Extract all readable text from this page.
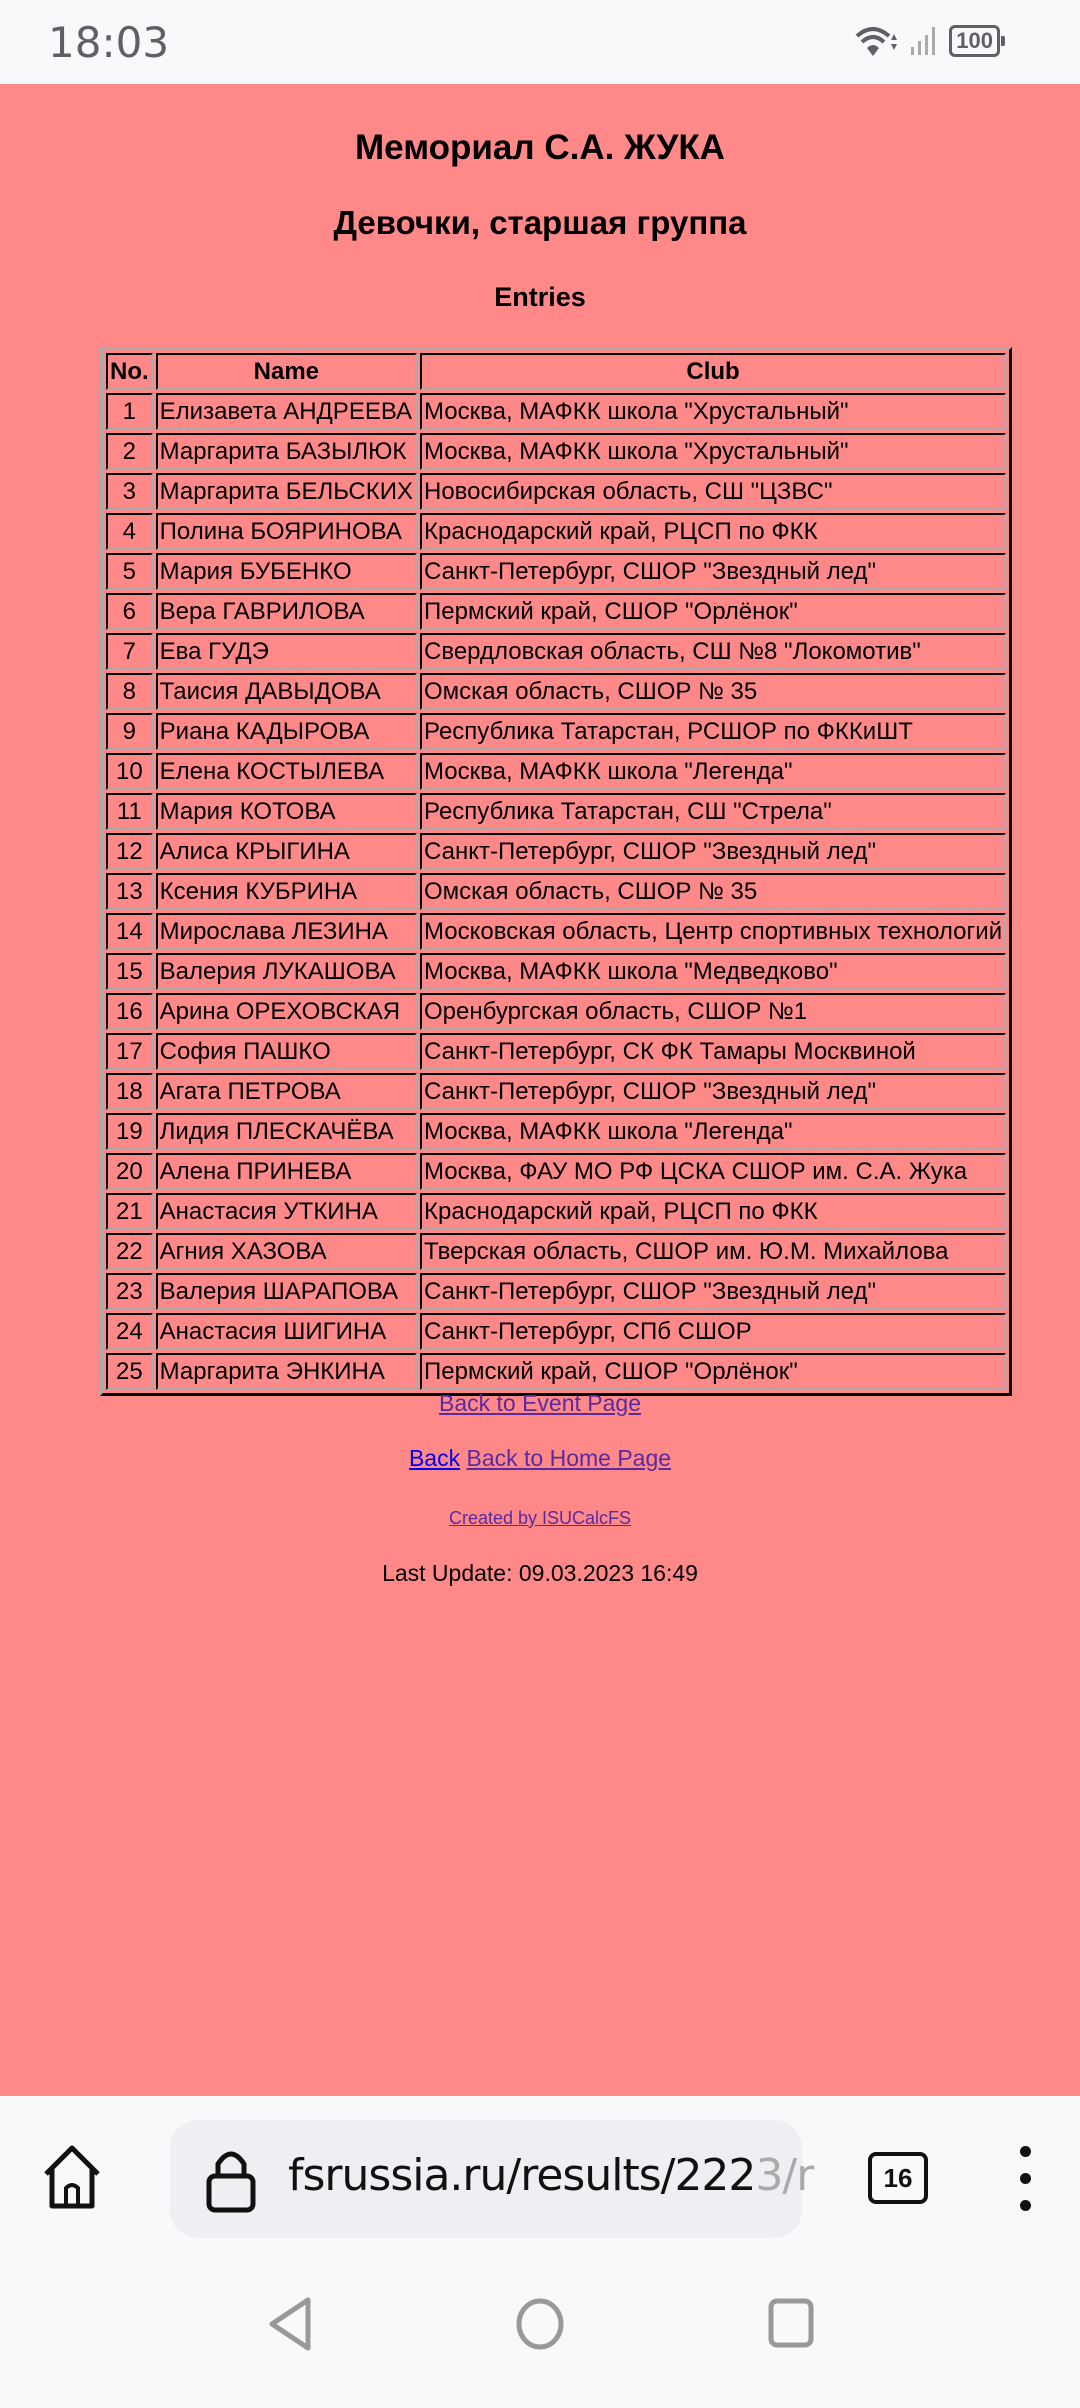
18:03	100
Мемориал С.А. ЖУКА
Девочки, старшая группа
Entries
No.	Name	Club
1	Елизавета АНДРЕЕВА	Москва, МАФКК школа "Хрустальный"
2	Маргарита БАЗЫЛЮК	Москва, МАФКК школа "Хрустальный"
3	Маргарита БЕЛЬСКИХ	Новосибирская область, СШ "ЦЗВС"
4	Полина БОЯРИНОВА	Краснодарский край, РЦСП по ФКК
5	Мария БУБЕНКО	Санкт-Петербург, СШОР "Звездный лед"
6	Вера ГАВРИЛОВА	Пермский край, СШОР "Орлёнок"
7	Ева ГУДЭ	Свердловская область, СШ №8 "Локомотив"
8	Таисия ДАВЫДОВА	Омская область, СШОР № 35
9	Риана КАДЫРОВА	Республика Татарстан, РСШОР по ФККиШТ
10	Елена КОСТЫЛЕВА	Москва, МАФКК школа "Легенда"
11	Мария КОТОВА	Республика Татарстан, СШ "Стрела"
12	Алиса КРЫГИНА	Санкт-Петербург, СШОР "Звездный лед"
13	Ксения КУБРИНА	Омская область, СШОР № 35
14	Мирослава ЛЕЗИНА	Московская область, Центр спортивных технологий
15	Валерия ЛУКАШОВА	Москва, МАФКК школа "Медведково"
16	Арина ОРЕХОВСКАЯ	Оренбургская область, СШОР №1
17	София ПАШКО	Санкт-Петербург, СК ФК Тамары Москвиной
18	Агата ПЕТРОВА	Санкт-Петербург, СШОР "Звездный лед"
19	Лидия ПЛЕСКАЧЁВА	Москва, МАФКК школа "Легенда"
20	Алена ПРИНЕВА	Москва, ФАУ МО РФ ЦСКА СШОР им. С.А. Жука
21	Анастасия УТКИНА	Краснодарский край, РЦСП по ФКК
22	Агния ХАЗОВА	Тверская область, СШОР им. Ю.М. Михайлова
23	Валерия ШАРАПОВА	Санкт-Петербург, СШОР "Звездный лед"
24	Анастасия ШИГИНА	Санкт-Петербург, СПб СШОР
25	Маргарита ЭНКИНА	Пермский край, СШОР "Орлёнок"
Back to Event Page
Back Back to Home Page
Created by ISUCalcFS
Last Update: 09.03.2023 16:49
fsrussia.ru/results/2223/r	16
